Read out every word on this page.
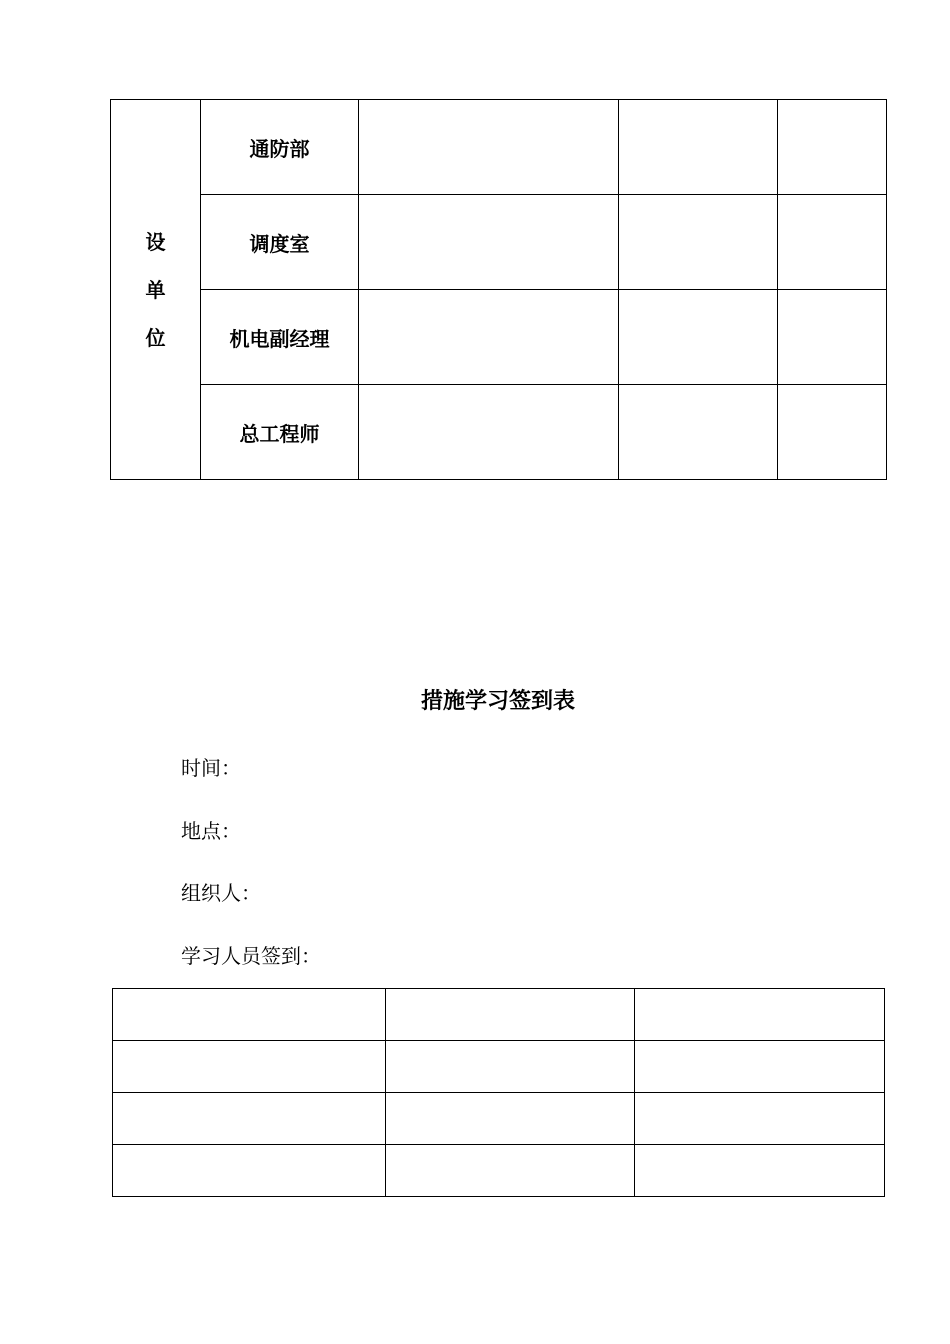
设
单
位	通防部			
	调度室			
	机电副经理			
	总工程师			
措施学习签到表
时间：
地点：
组织人：
学习人员签到：
